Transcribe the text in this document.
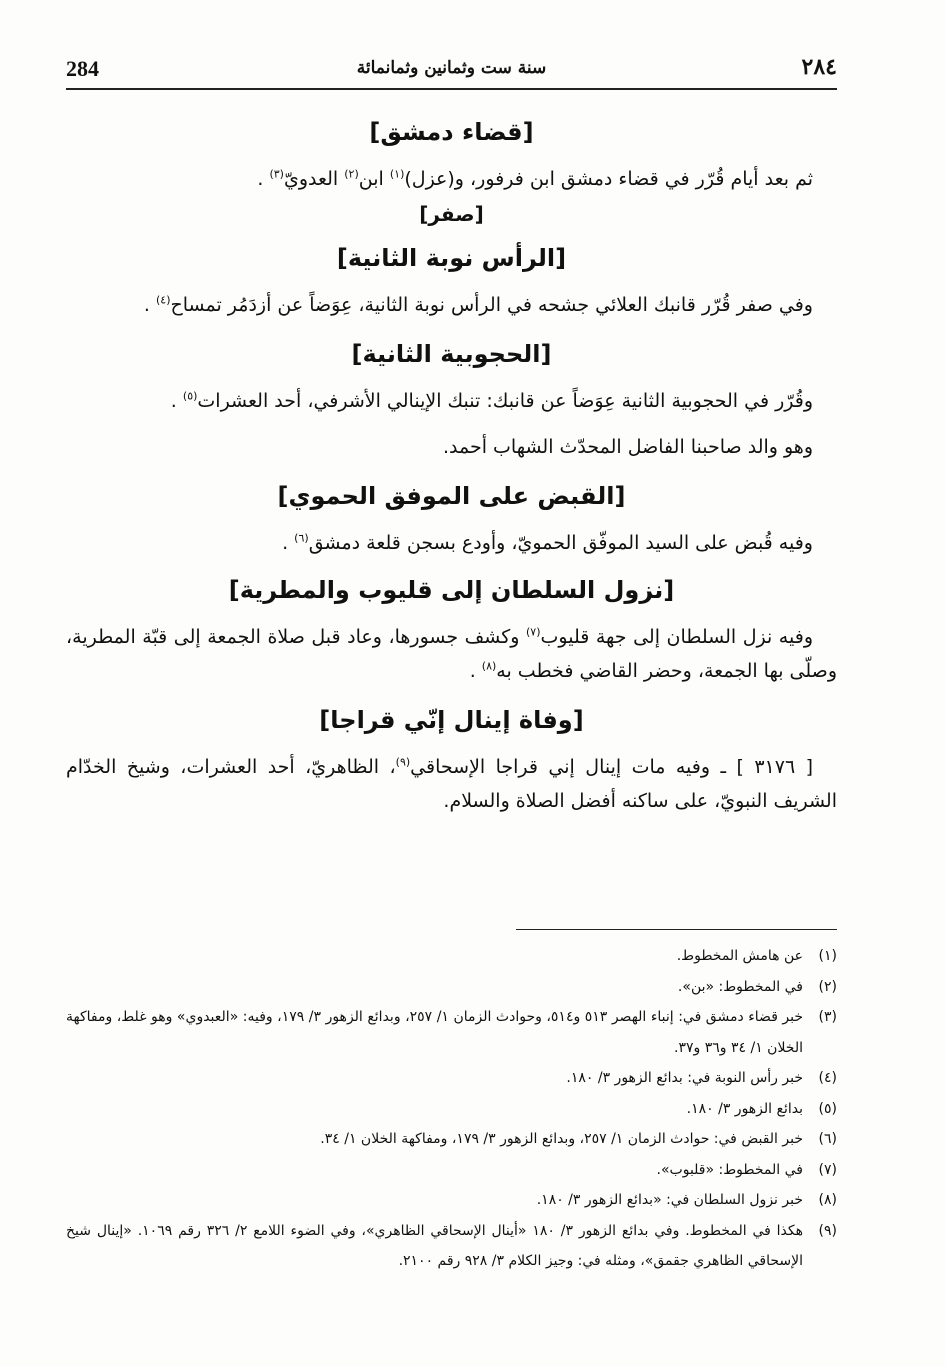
284	سنة ست وثمانين وثمانمائة	٢٨٤
[قضاء دمشق]

ثم بعد أيام قُرّر في قضاء دمشق ابن فرفور، و(عزل)$^{(١)}$ ابن$^{(٢)}$ العدويّ$^{(٣)}$ .

[صفر]
[الرأس نوبة الثانية]

وفي صفر قُرّر قانبك العلائي جشحه في الرأس نوبة الثانية، عِوَضاً عن أزدَمُر تمساح$^{(٤)}$ .

[الحجوبية الثانية]

وقُرّر في الحجوبية الثانية عِوَضاً عن قانبك: تنبك الإينالي الأشرفي، أحد العشرات$^{(٥)}$ .

وهو والد صاحبنا الفاضل المحدّث الشهاب أحمد.

[القبض على الموفق الحموي]

وفيه قُبض على السيد الموفّق الحمويّ، وأودع بسجن قلعة دمشق$^{(٦)}$ .

[نزول السلطان إلى قليوب والمطرية]

وفيه نزل السلطان إلى جهة قليوب$^{(٧)}$ وكشف جسورها، وعاد قبل صلاة الجمعة إلى قبّة المطرية، وصلّى بها الجمعة، وحضر القاضي فخطب به$^{(٨)}$ .

[وفاة إينال إنّي قراجا]

[ ٣١٧٦ ] ـ وفيه مات إينال إني قراجا الإسحاقي$^{(٩)}$، الظاهريّ، أحد العشرات، وشيخ الخدّام الشريف النبويّ، على ساكنه أفضل الصلاة والسلام.

(١)
عن هامش المخطوط.
(٢)
في المخطوط: «بن».
(٣)
خبر قضاء دمشق في: إنباء الهصر ٥١٣ و٥١٤، وحوادث الزمان ١/ ٢٥٧، وبدائع الزهور ٣/ ١٧٩، وفيه: «العبدوي» وهو غلط، ومفاكهة الخلان ١/ ٣٤ و٣٦ و٣٧.
(٤)
خبر رأس النوبة في: بدائع الزهور ٣/ ١٨٠.
(٥)
بدائع الزهور ٣/ ١٨٠.
(٦)
خبر القبض في: حوادث الزمان ١/ ٢٥٧، وبدائع الزهور ٣/ ١٧٩، ومفاكهة الخلان ١/ ٣٤.
(٧)
في المخطوط: «قلبوب».
(٨)
خبر نزول السلطان في: «بدائع الزهور ٣/ ١٨٠.
(٩)
هكذا في المخطوط. وفي بدائع الزهور ٣/ ١٨٠ «أينال الإسحاقي الظاهري»، وفي الضوء اللامع ٢/ ٣٢٦ رقم ١٠٦٩. «إينال شيخ الإسحاقي الظاهري جقمق»، ومثله في: وجيز الكلام ٣/ ٩٢٨ رقم ٢١٠٠.
